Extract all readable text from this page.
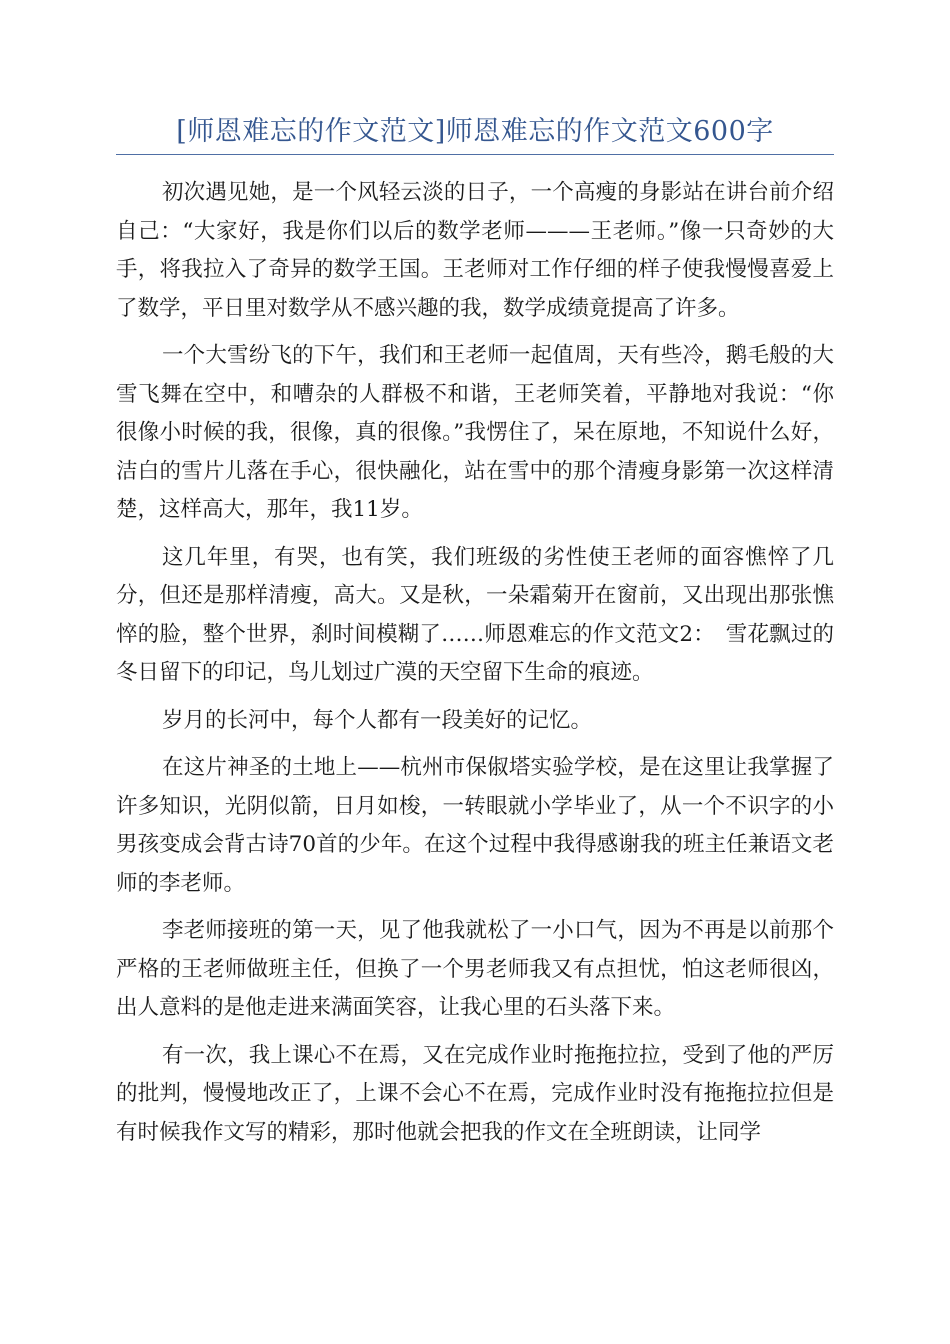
[师恩难忘的作文范文]师恩难忘的作文范文600字

初次遇见她，是一个风轻云淡的日子，一个高瘦的身影站在讲台前介绍自己：“大家好，我是你们以后的数学老师———王老师。”像一只奇妙的大手，将我拉入了奇异的数学王国。王老师对工作仔细的样子使我慢慢喜爱上了数学，平日里对数学从不感兴趣的我，数学成绩竟提高了许多。

一个大雪纷飞的下午，我们和王老师一起值周，天有些冷，鹅毛般的大雪飞舞在空中，和嘈杂的人群极不和谐，王老师笑着，平静地对我说：“你很像小时候的我，很像，真的很像。”我愣住了，呆在原地，不知说什么好，洁白的雪片儿落在手心，很快融化，站在雪中的那个清瘦身影第一次这样清楚，这样高大，那年，我11岁。

这几年里，有哭，也有笑，我们班级的劣性使王老师的面容憔悴了几分，但还是那样清瘦，高大。又是秋，一朵霜菊开在窗前，又出现出那张憔悴的脸，整个世界，刹时间模糊了……师恩难忘的作文范文2：　雪花飘过的冬日留下的印记，鸟儿划过广漠的天空留下生命的痕迹。

岁月的长河中，每个人都有一段美好的记忆。

在这片神圣的土地上——杭州市保俶塔实验学校，是在这里让我掌握了许多知识，光阴似箭，日月如梭，一转眼就小学毕业了，从一个不识字的小男孩变成会背古诗70首的少年。在这个过程中我得感谢我的班主任兼语文老师的李老师。

李老师接班的第一天，见了他我就松了一小口气，因为不再是以前那个严格的王老师做班主任，但换了一个男老师我又有点担忧，怕这老师很凶，出人意料的是他走进来满面笑容，让我心里的石头落下来。

有一次，我上课心不在焉，又在完成作业时拖拖拉拉，受到了他的严厉的批判，慢慢地改正了，上课不会心不在焉，完成作业时没有拖拖拉拉但是有时候我作文写的精彩，那时他就会把我的作文在全班朗读，让同学
